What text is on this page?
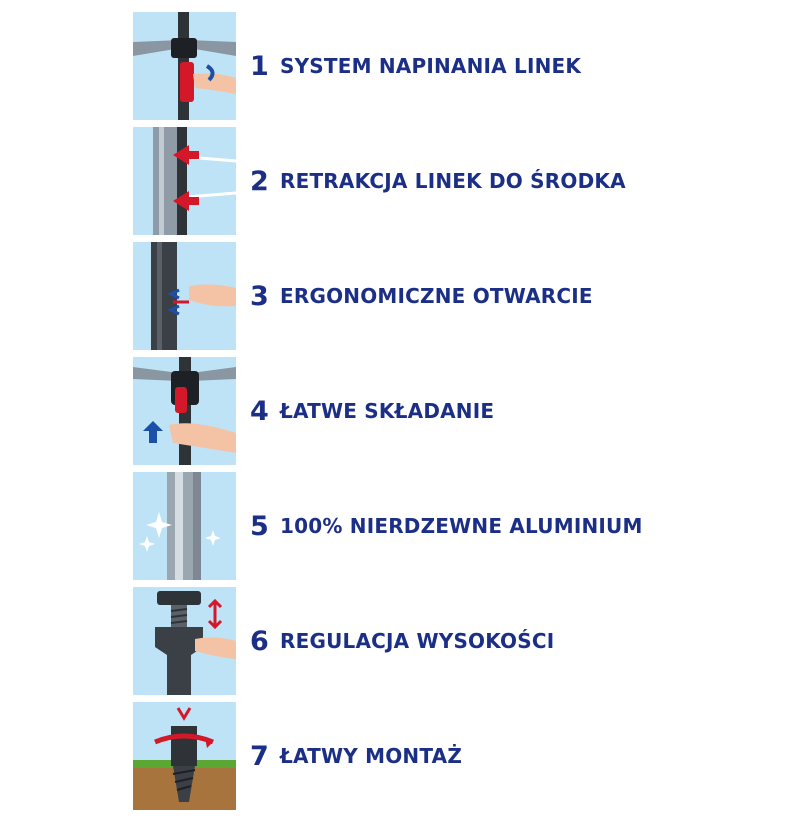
1 SYSTEM NAPINANIA LINEK
2 RETRAKCJA LINEK DO ŚRODKA
3 ERGONOMICZNE OTWARCIE
4 ŁATWE SKŁADANIE
5 100% NIERDZEWNE ALUMINIUM
6 REGULACJA WYSOKOŚCI
7 ŁATWY MONTAŻ
